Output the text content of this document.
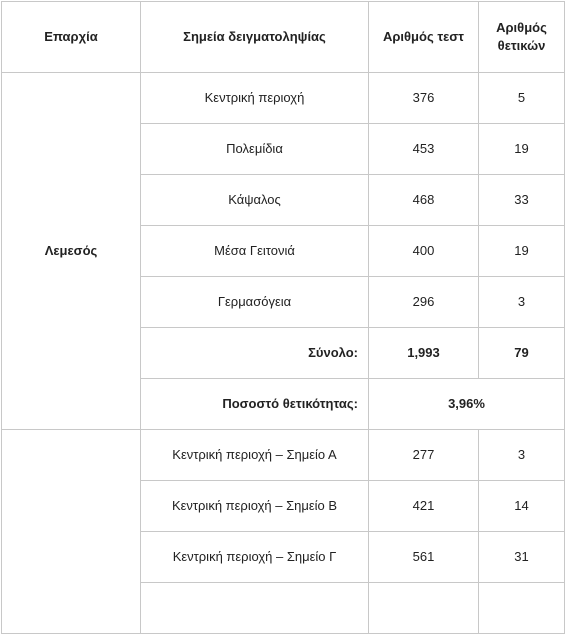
Επαρχία	Σημεία δειγματοληψίας	Αριθμός τεστ	Αριθμός θετικών
Λεμεσός	Κεντρική περιοχή	376	5
	Πολεμίδια	453	19
	Κάψαλος	468	33
	Μέσα Γειτονιά	400	19
	Γερμασόγεια	296	3
	Σύνολο:	1,993	79
	Ποσοστό θετικότητας:	3,96%	
	Κεντρική περιοχή – Σημείο Α	277	3
	Κεντρική περιοχή – Σημείο Β	421	14
	Κεντρική περιοχή – Σημείο Γ	561	31
